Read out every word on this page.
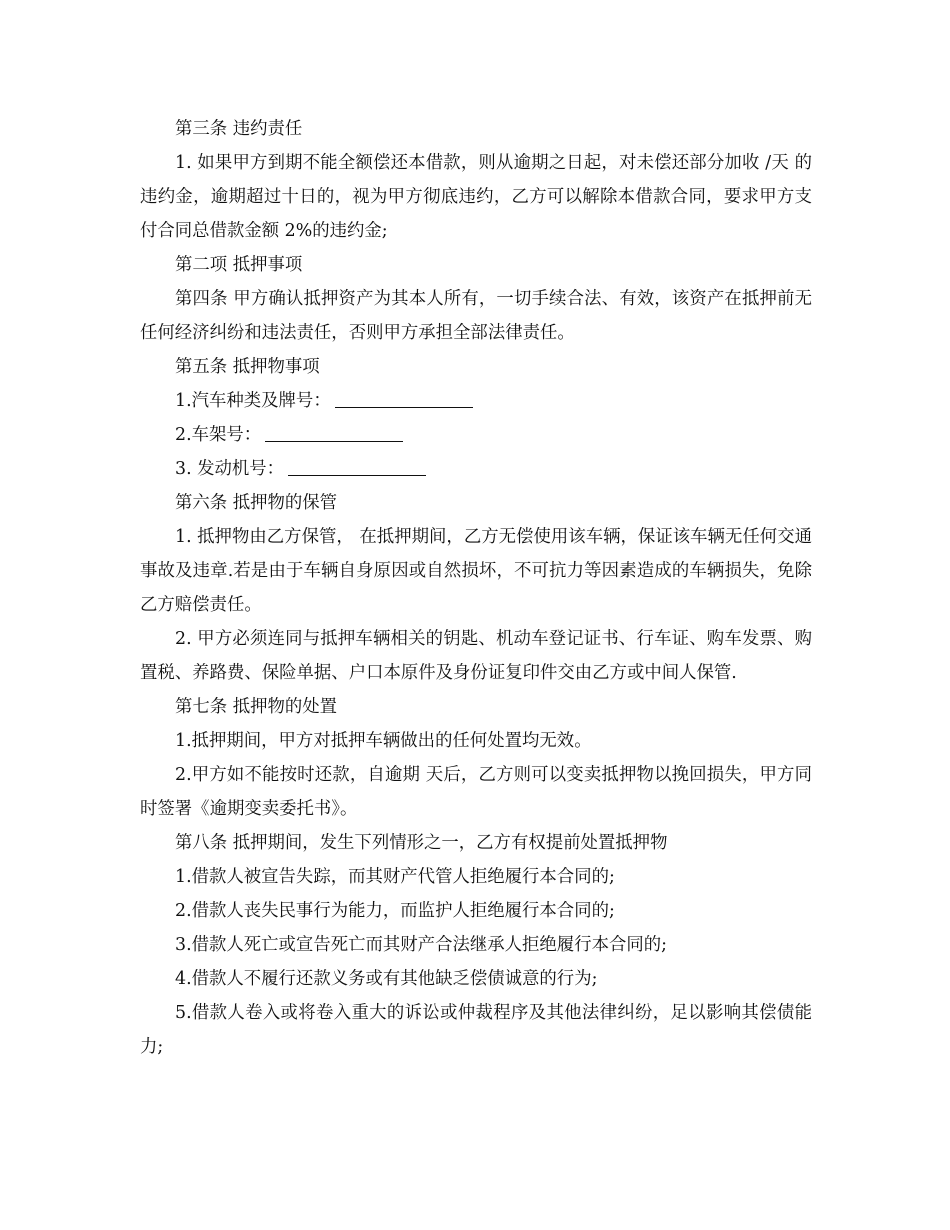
第三条 违约责任

1. 如果甲方到期不能全额偿还本借款，则从逾期之日起，对未偿还部分加收 /天 的违约金，逾期超过十日的，视为甲方彻底违约，乙方可以解除本借款合同，要求甲方支付合同总借款金额 2%的违约金;

第二项 抵押事项

第四条 甲方确认抵押资产为其本人所有，一切手续合法、有效，该资产在抵押前无任何经济纠纷和违法责任，否则甲方承担全部法律责任。

第五条 抵押物事项

1.汽车种类及牌号：

2.车架号：

3. 发动机号：

第六条 抵押物的保管

1. 抵押物由乙方保管， 在抵押期间，乙方无偿使用该车辆，保证该车辆无任何交通事故及违章.若是由于车辆自身原因或自然损坏，不可抗力等因素造成的车辆损失，免除乙方赔偿责任。

2. 甲方必须连同与抵押车辆相关的钥匙、机动车登记证书、行车证、购车发票、购置税、养路费、保险单据、户口本原件及身份证复印件交由乙方或中间人保管.

第七条 抵押物的处置

1.抵押期间，甲方对抵押车辆做出的任何处置均无效。

2.甲方如不能按时还款，自逾期 天后，乙方则可以变卖抵押物以挽回损失，甲方同时签署《逾期变卖委托书》。

第八条 抵押期间，发生下列情形之一，乙方有权提前处置抵押物

1.借款人被宣告失踪，而其财产代管人拒绝履行本合同的;

2.借款人丧失民事行为能力，而监护人拒绝履行本合同的;

3.借款人死亡或宣告死亡而其财产合法继承人拒绝履行本合同的;

4.借款人不履行还款义务或有其他缺乏偿债诚意的行为;

5.借款人卷入或将卷入重大的诉讼或仲裁程序及其他法律纠纷，足以影响其偿债能力;
